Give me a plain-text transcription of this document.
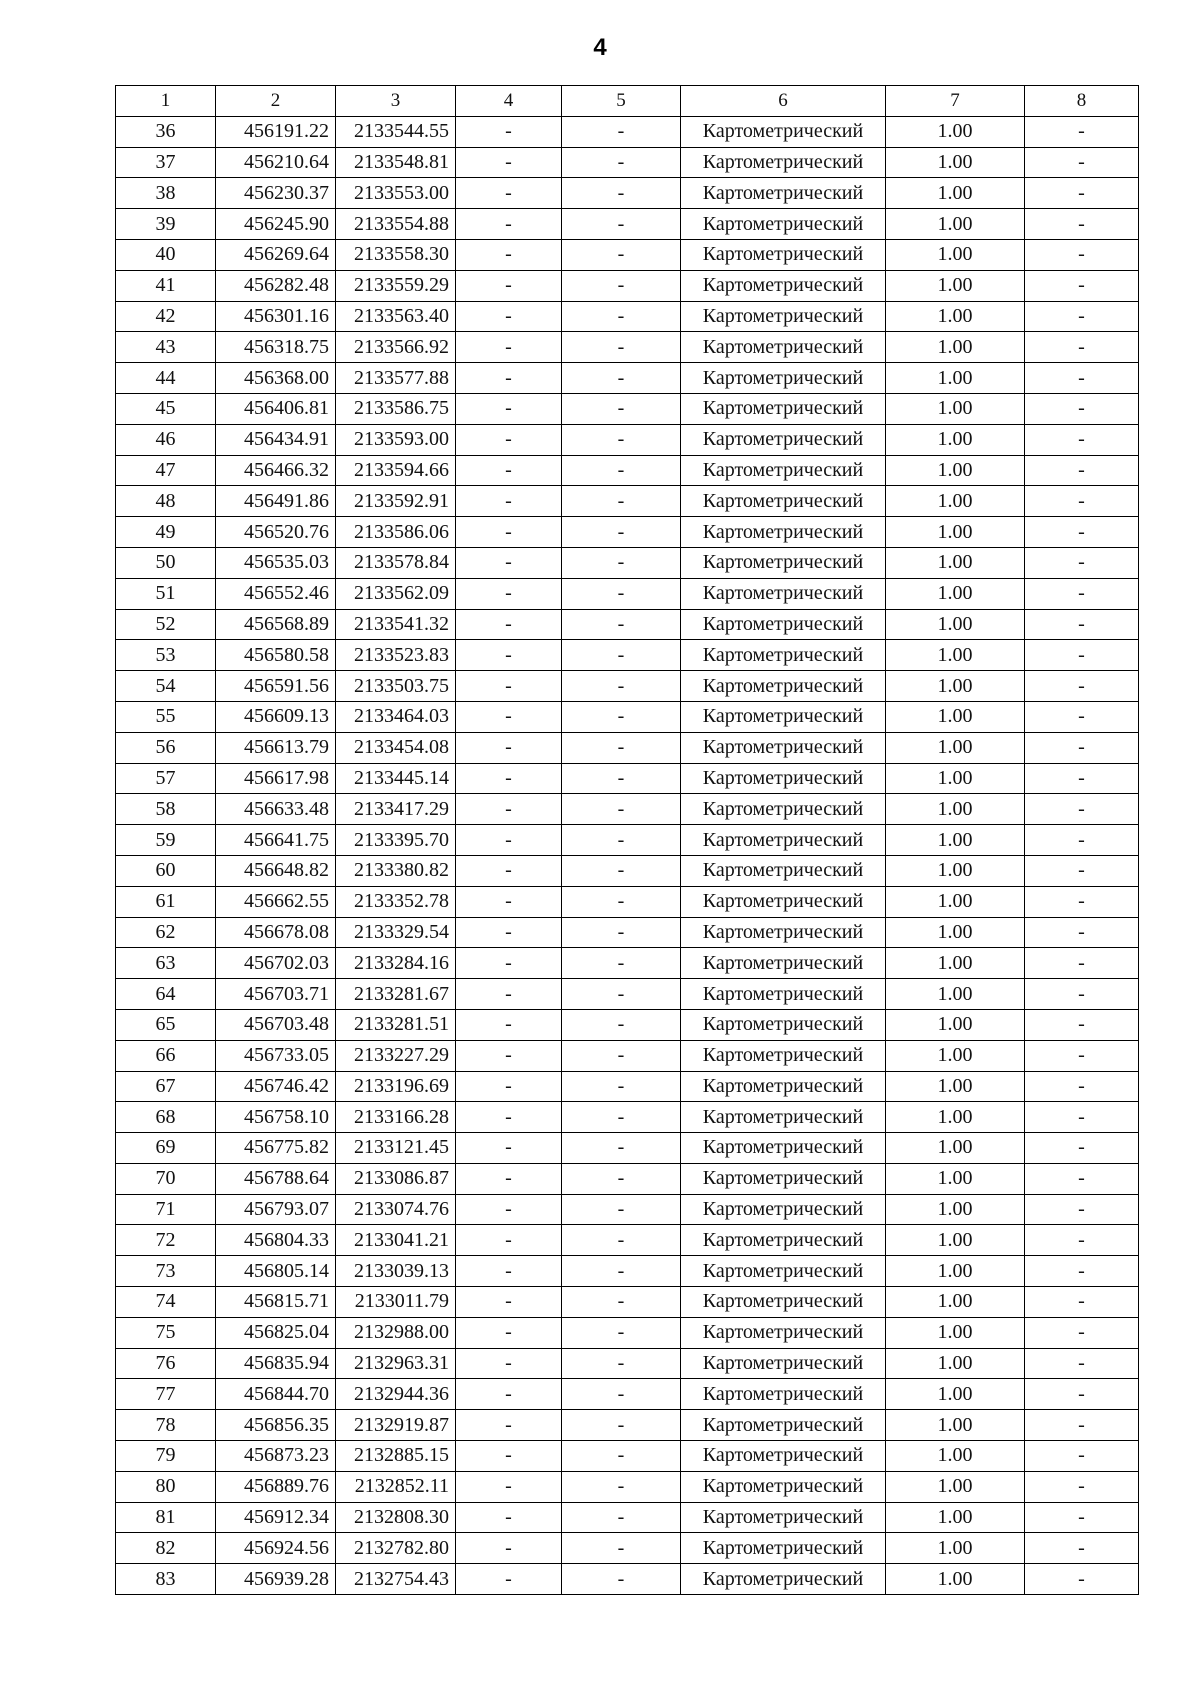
4
1	2	3	4	5	6	7	8
36	456191.22	2133544.55	-	-	Картометрический	1.00	-
37	456210.64	2133548.81	-	-	Картометрический	1.00	-
38	456230.37	2133553.00	-	-	Картометрический	1.00	-
39	456245.90	2133554.88	-	-	Картометрический	1.00	-
40	456269.64	2133558.30	-	-	Картометрический	1.00	-
41	456282.48	2133559.29	-	-	Картометрический	1.00	-
42	456301.16	2133563.40	-	-	Картометрический	1.00	-
43	456318.75	2133566.92	-	-	Картометрический	1.00	-
44	456368.00	2133577.88	-	-	Картометрический	1.00	-
45	456406.81	2133586.75	-	-	Картометрический	1.00	-
46	456434.91	2133593.00	-	-	Картометрический	1.00	-
47	456466.32	2133594.66	-	-	Картометрический	1.00	-
48	456491.86	2133592.91	-	-	Картометрический	1.00	-
49	456520.76	2133586.06	-	-	Картометрический	1.00	-
50	456535.03	2133578.84	-	-	Картометрический	1.00	-
51	456552.46	2133562.09	-	-	Картометрический	1.00	-
52	456568.89	2133541.32	-	-	Картометрический	1.00	-
53	456580.58	2133523.83	-	-	Картометрический	1.00	-
54	456591.56	2133503.75	-	-	Картометрический	1.00	-
55	456609.13	2133464.03	-	-	Картометрический	1.00	-
56	456613.79	2133454.08	-	-	Картометрический	1.00	-
57	456617.98	2133445.14	-	-	Картометрический	1.00	-
58	456633.48	2133417.29	-	-	Картометрический	1.00	-
59	456641.75	2133395.70	-	-	Картометрический	1.00	-
60	456648.82	2133380.82	-	-	Картометрический	1.00	-
61	456662.55	2133352.78	-	-	Картометрический	1.00	-
62	456678.08	2133329.54	-	-	Картометрический	1.00	-
63	456702.03	2133284.16	-	-	Картометрический	1.00	-
64	456703.71	2133281.67	-	-	Картометрический	1.00	-
65	456703.48	2133281.51	-	-	Картометрический	1.00	-
66	456733.05	2133227.29	-	-	Картометрический	1.00	-
67	456746.42	2133196.69	-	-	Картометрический	1.00	-
68	456758.10	2133166.28	-	-	Картометрический	1.00	-
69	456775.82	2133121.45	-	-	Картометрический	1.00	-
70	456788.64	2133086.87	-	-	Картометрический	1.00	-
71	456793.07	2133074.76	-	-	Картометрический	1.00	-
72	456804.33	2133041.21	-	-	Картометрический	1.00	-
73	456805.14	2133039.13	-	-	Картометрический	1.00	-
74	456815.71	2133011.79	-	-	Картометрический	1.00	-
75	456825.04	2132988.00	-	-	Картометрический	1.00	-
76	456835.94	2132963.31	-	-	Картометрический	1.00	-
77	456844.70	2132944.36	-	-	Картометрический	1.00	-
78	456856.35	2132919.87	-	-	Картометрический	1.00	-
79	456873.23	2132885.15	-	-	Картометрический	1.00	-
80	456889.76	2132852.11	-	-	Картометрический	1.00	-
81	456912.34	2132808.30	-	-	Картометрический	1.00	-
82	456924.56	2132782.80	-	-	Картометрический	1.00	-
83	456939.28	2132754.43	-	-	Картометрический	1.00	-
